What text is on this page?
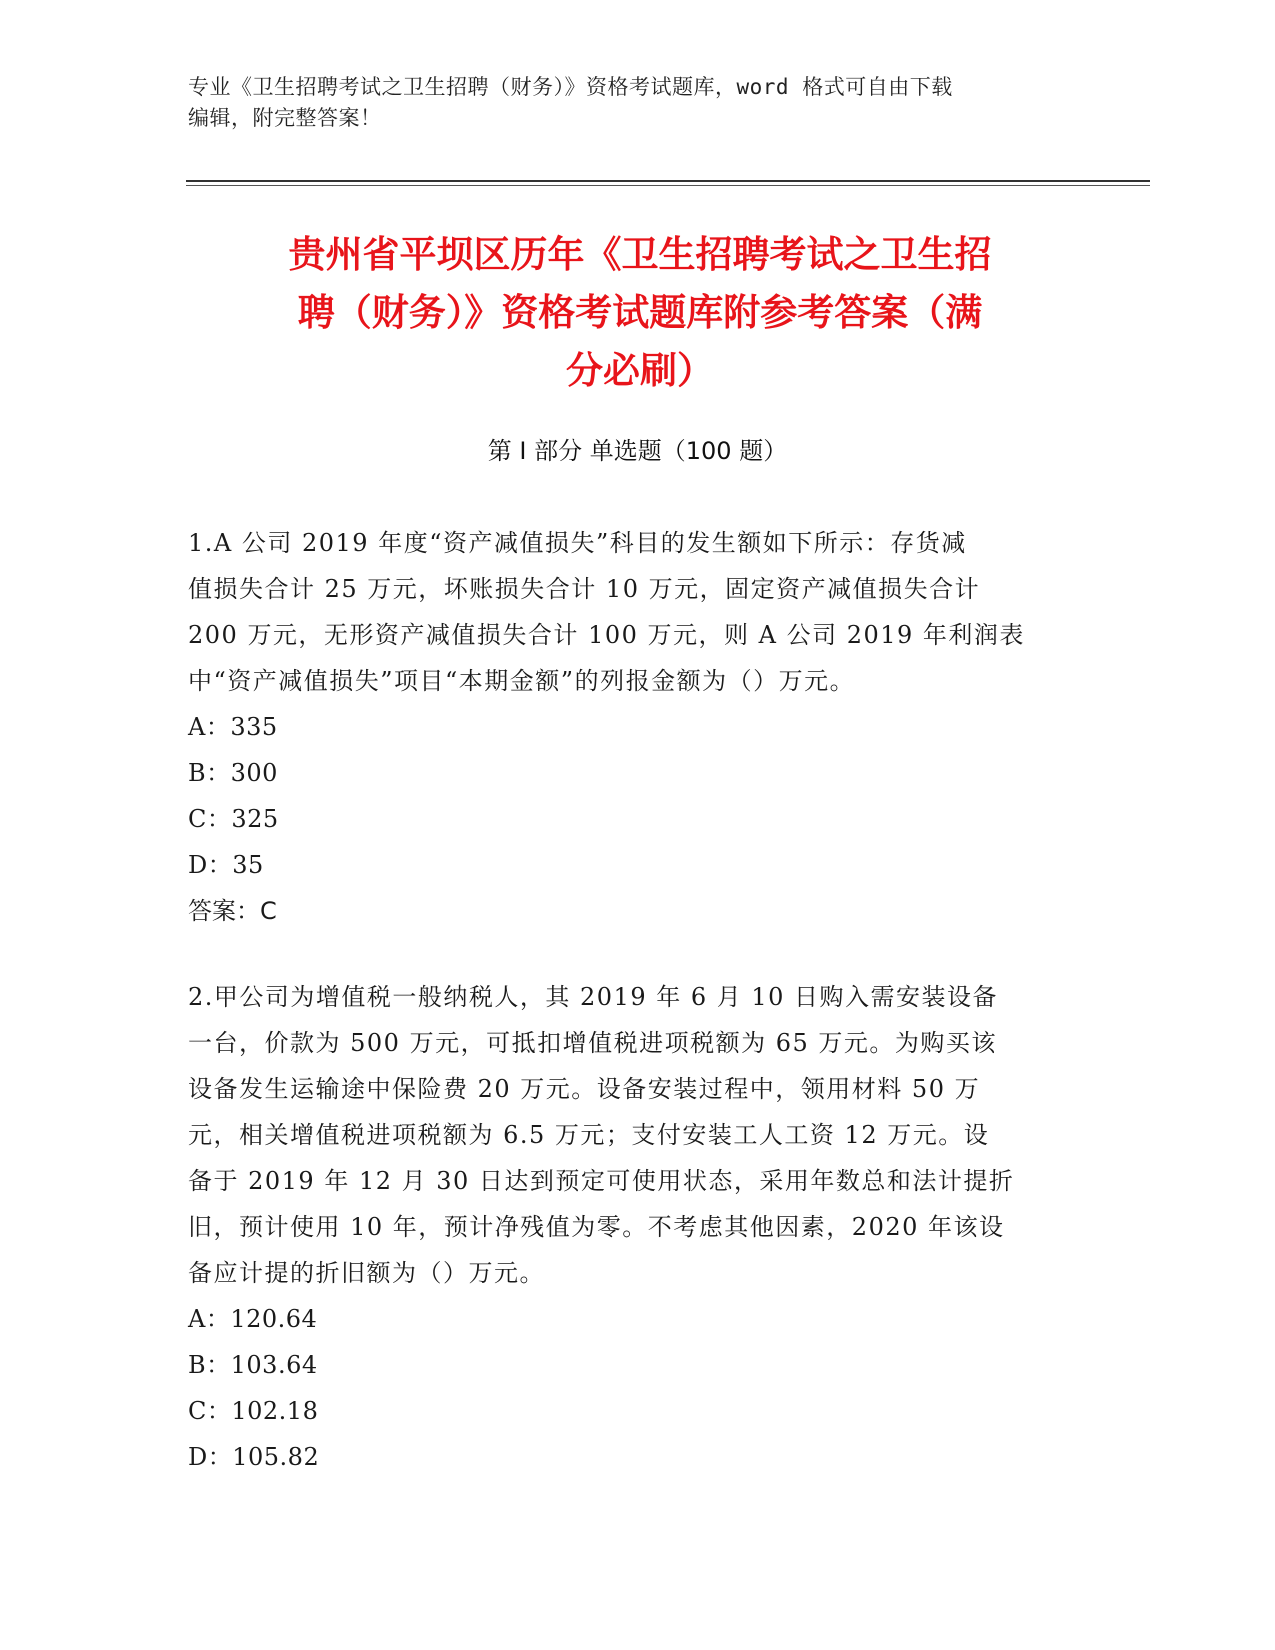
专业《卫生招聘考试之卫生招聘（财务）》资格考试题库，word 格式可自由下载
编辑，附完整答案！
贵州省平坝区历年《卫生招聘考试之卫生招
聘（财务）》资格考试题库附参考答案（满
分必刷）
第 I 部分 单选题（100 题）

1.A 公司 2019 年度“资产减值损失”科目的发生额如下所示：存货减

值损失合计 25 万元，坏账损失合计 10 万元，固定资产减值损失合计

200 万元，无形资产减值损失合计 100 万元，则 A 公司 2019 年利润表

中“资产减值损失”项目“本期金额”的列报金额为（）万元。

A：335

B：300

C：325

D：35

答案：C

2.甲公司为增值税一般纳税人，其 2019 年 6 月 10 日购入需安装设备

一台，价款为 500 万元，可抵扣增值税进项税额为 65 万元。为购买该

设备发生运输途中保险费 20 万元。设备安装过程中，领用材料 50 万

元，相关增值税进项税额为 6.5 万元；支付安装工人工资 12 万元。设

备于 2019 年 12 月 30 日达到预定可使用状态，采用年数总和法计提折

旧，预计使用 10 年，预计净残值为零。不考虑其他因素，2020 年该设

备应计提的折旧额为（）万元。

A：120.64

B：103.64

C：102.18

D：105.82
